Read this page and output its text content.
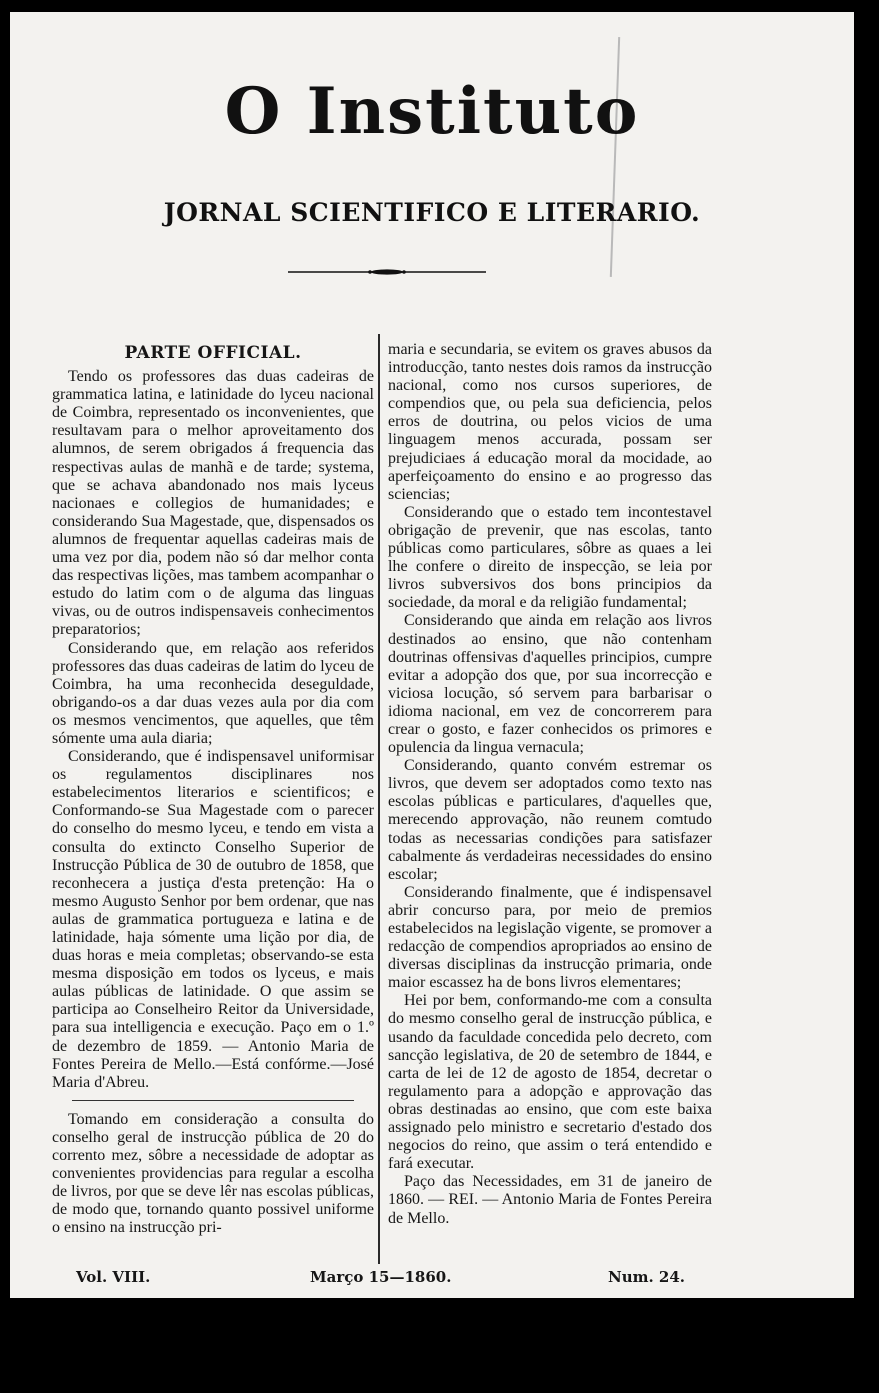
O Instituto
JORNAL SCIENTIFICO E LITERARIO.
PARTE OFFICIAL.

Tendo os professores das duas cadeiras de grammatica latina, e latinidade do lyceu nacional de Coimbra, representado os inconvenientes, que resultavam para o melhor aproveitamento dos alumnos, de serem obrigados á frequencia das respectivas aulas de manhã e de tarde; systema, que se achava abandonado nos mais lyceus nacionaes e collegios de humanidades; e considerando Sua Magestade, que, dispensados os alumnos de frequentar aquellas cadeiras mais de uma vez por dia, podem não só dar melhor conta das respectivas lições, mas tambem acompanhar o estudo do latim com o de alguma das linguas vivas, ou de outros indispensaveis conhecimentos preparatorios;

Considerando que, em relação aos referidos professores das duas cadeiras de latim do lyceu de Coimbra, ha uma reconhecida deseguldade, obrigando-os a dar duas vezes aula por dia com os mesmos vencimentos, que aquelles, que têm sómente uma aula diaria;

Considerando, que é indispensavel uniformisar os regulamentos disciplinares nos estabelecimentos literarios e scientificos; e Conformando-se Sua Magestade com o parecer do conselho do mesmo lyceu, e tendo em vista a consulta do extincto Conselho Superior de Instrucção Pública de 30 de outubro de 1858, que reconhecera a justiça d'esta pretenção: Ha o mesmo Augusto Senhor por bem ordenar, que nas aulas de grammatica portugueza e latina e de latinidade, haja sómente uma lição por dia, de duas horas e meia completas; observando-se esta mesma disposição em todos os lyceus, e mais aulas públicas de latinidade. O que assim se participa ao Conselheiro Reitor da Universidade, para sua intelligencia e execução. Paço em o 1.º de dezembro de 1859. — Antonio Maria de Fontes Pereira de Mello.—Está confórme.—José Maria d'Abreu.

Tomando em consideração a consulta do conselho geral de instrucção pública de 20 do corrento mez, sôbre a necessidade de adoptar as convenientes providencias para regular a escolha de livros, por que se deve lêr nas escolas públicas, de modo que, tornando quanto possivel uniforme o ensino na instrucção pri-

maria e secundaria, se evitem os graves abusos da introducção, tanto nestes dois ramos da instrucção nacional, como nos cursos superiores, de compendios que, ou pela sua deficiencia, pelos erros de doutrina, ou pelos vicios de uma linguagem menos accurada, possam ser prejudiciaes á educação moral da mocidade, ao aperfeiçoamento do ensino e ao progresso das sciencias;

Considerando que o estado tem incontestavel obrigação de prevenir, que nas escolas, tanto públicas como particulares, sôbre as quaes a lei lhe confere o direito de inspecção, se leia por livros subversivos dos bons principios da sociedade, da moral e da religião fundamental;

Considerando que ainda em relação aos livros destinados ao ensino, que não contenham doutrinas offensivas d'aquelles principios, cumpre evitar a adopção dos que, por sua incorrecção e viciosa locução, só servem para barbarisar o idioma nacional, em vez de concorrerem para crear o gosto, e fazer conhecidos os primores e opulencia da lingua vernacula;

Considerando, quanto convém estremar os livros, que devem ser adoptados como texto nas escolas públicas e particulares, d'aquelles que, merecendo approvação, não reunem comtudo todas as necessarias condições para satisfazer cabalmente ás verdadeiras necessidades do ensino escolar;

Considerando finalmente, que é indispensavel abrir concurso para, por meio de premios estabelecidos na legislação vigente, se promover a redacção de compendios apropriados ao ensino de diversas disciplinas da instrucção primaria, onde maior escassez ha de bons livros elementares;

Hei por bem, conformando-me com a consulta do mesmo conselho geral de instrucção pública, e usando da faculdade concedida pelo decreto, com sancção legislativa, de 20 de setembro de 1844, e carta de lei de 12 de agosto de 1854, decretar o regulamento para a adopção e approvação das obras destinadas ao ensino, que com este baixa assignado pelo ministro e secretario d'estado dos negocios do reino, que assim o terá entendido e fará executar.

Paço das Necessidades, em 31 de janeiro de 1860. — REI. — Antonio Maria de Fontes Pereira de Mello.

Vol. VIII.	Março 15—1860.	Num. 24.
